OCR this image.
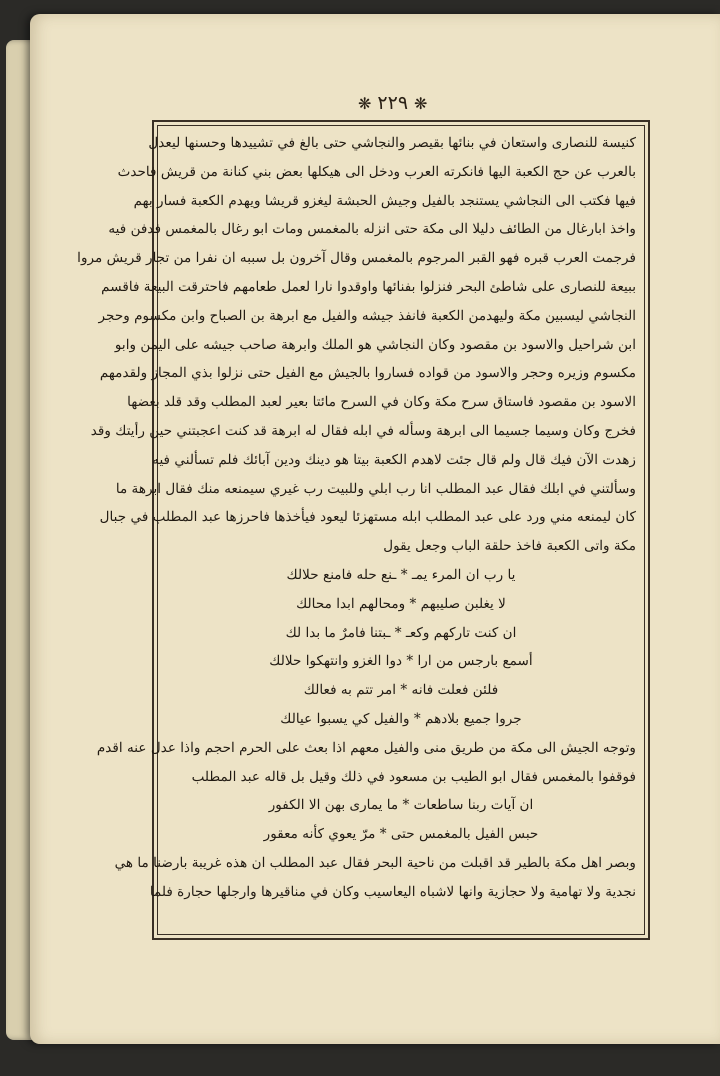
❋ ٢٢٩ ❋
كنيسة للنصارى واستعان في بنائها بقيصر والنجاشي حتى بالغ في تشييدها وحسنها ليعدل
بالعرب عن حج الكعبة اليها فانكرته العرب ودخل الى هيكلها بعض بني كنانة من قريش فاحدث
فيها فكتب الى النجاشي يستنجد بالفيل وجيش الحبشة ليغزو قريشا ويهدم الكعبة فسار بهم
واخذ ابارغال من الطائف دليلا الى مكة حتى انزله بالمغمس ومات ابو رغال بالمغمس فدفن فيه
فرجمت العرب قبره فهو القبر المرجوم بالمغمس وقال آخرون بل سببه ان نفرا من تجار قريش مروا
ببيعة للنصارى على شاطئ البحر فنزلوا بفنائها واوقدوا نارا لعمل طعامهم فاحترقت البيعة فاقسم
النجاشي ليسبين مكة وليهدمن الكعبة فانفذ جيشه والفيل مع ابرهة بن الصباح وابن مكسوم وحجر
ابن شراحيل والاسود بن مقصود وكان النجاشي هو الملك وابرهة صاحب جيشه على اليمن وابو
مكسوم وزيره وحجر والاسود من قواده فساروا بالجيش مع الفيل حتى نزلوا بذي المجاز ولقدمهم
الاسود بن مقصود فاستاق سرح مكة وكان في السرح مائتا بعير لعبد المطلب وقد قلد بعضها
فخرج وكان وسيما جسيما الى ابرهة وسأله في ابله فقال له ابرهة قد كنت اعجبتني حين رأيتك وقد
زهدت الآن فيك قال ولم قال جئت لاهدم الكعبة بيتا هو دينك ودين آبائك فلم تسألني فيه
وسألتني في ابلك فقال عبد المطلب انا رب ابلي وللبيت رب غيري سيمنعه منك فقال ابرهة ما
كان ليمنعه مني ورد على عبد المطلب ابله مستهزئا ليعود فيأخذها فاحرزها عبد المطلب في جبال
مكة واتى الكعبة فاخذ حلقة الباب وجعل يقول
يا رب ان المرء يمـ * ـنع حله فامنع حلالك
لا يغلبن صليبهم * ومحالهم ابدا محالك
ان كنت تاركهم وكعـ * ـبتنا فامرٌ ما بدا لك
أسمع بارجس من ارا * دوا الغزو وانتهكوا حلالك
فلئن فعلت فانه * امر تتم به فعالك
جروا جميع بلادهم * والفيل كي يسبوا عيالك
وتوجه الجيش الى مكة من طريق منى والفيل معهم اذا بعث على الحرم احجم واذا عدل عنه اقدم
فوقفوا بالمغمس فقال ابو الطيب بن مسعود في ذلك وقيل بل قاله عبد المطلب
ان آيات ربنا ساطعات * ما يمارى بهن الا الكفور
حبس الفيل بالمغمس حتى * مرّ يعوي كأنه معقور
وبصر اهل مكة بالطير قد اقبلت من ناحية البحر فقال عبد المطلب ان هذه غريبة بارضنا ما هي
نجدية ولا تهامية ولا حجازية وانها لاشباه اليعاسيب وكان في مناقيرها وارجلها حجارة فلما
